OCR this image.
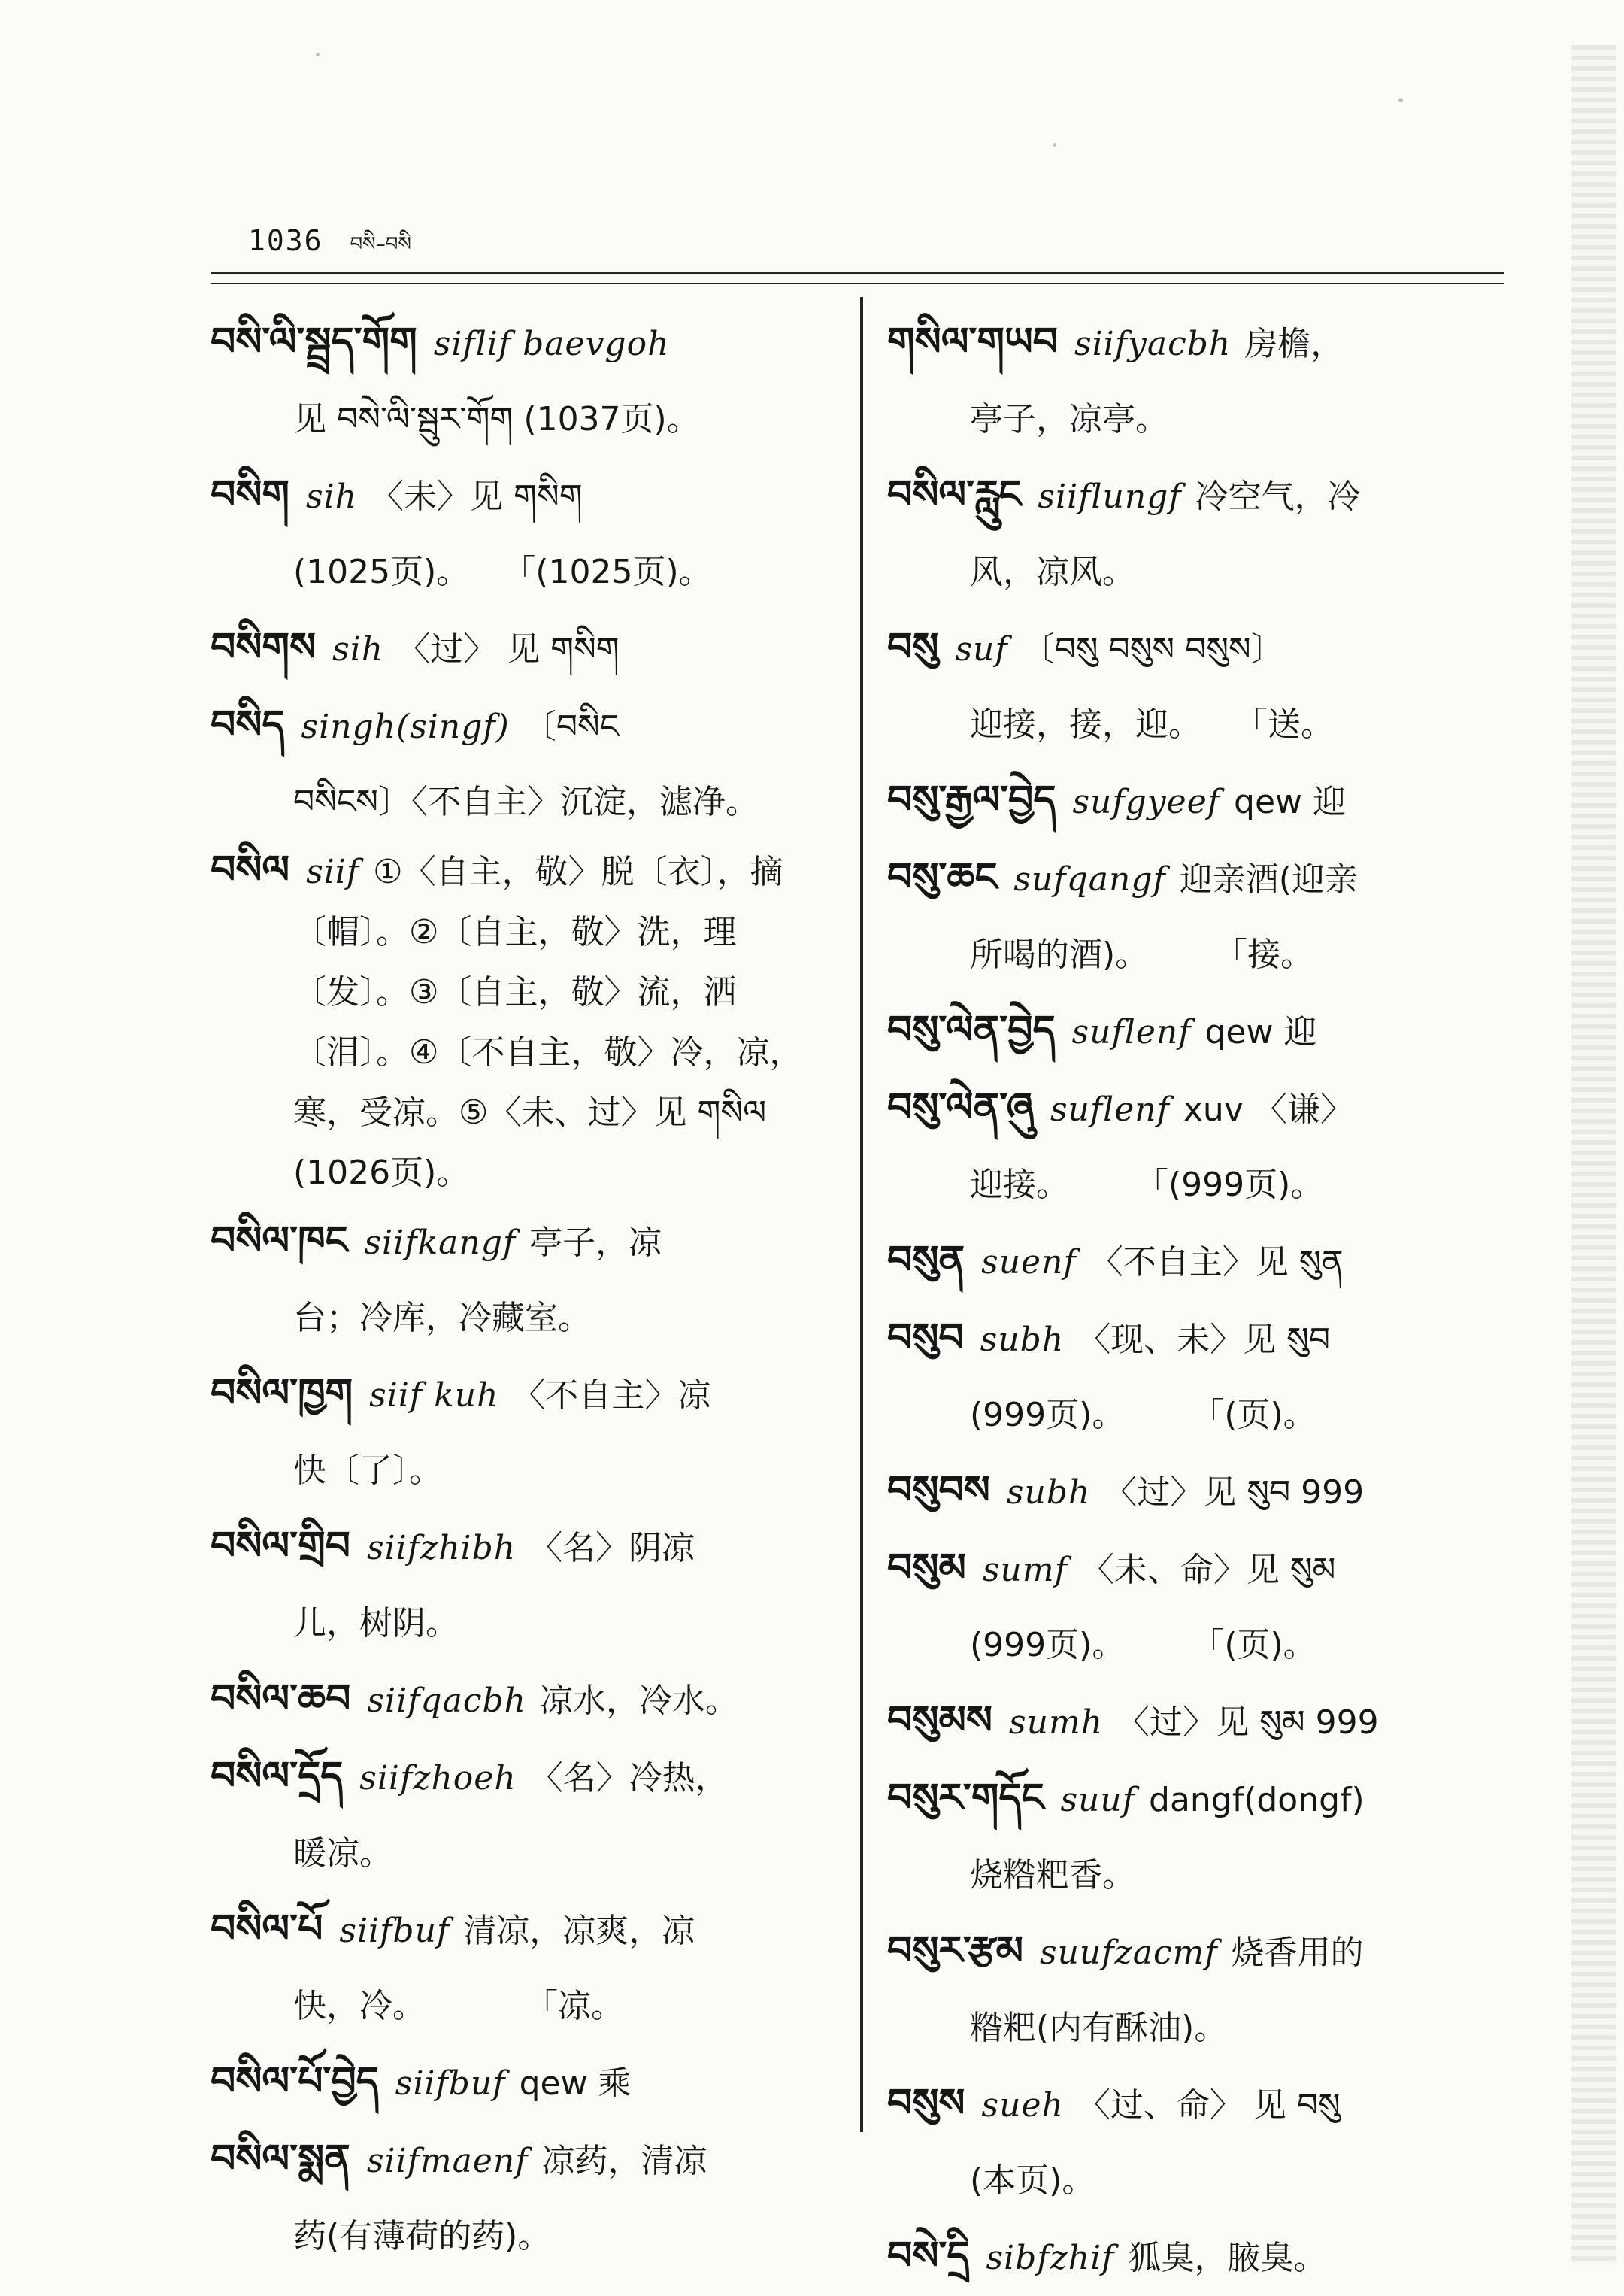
1036 བསི–བསི
བསི་ལི་སྦྲད་གོག siflif baevgoh
见 བསེ་ལི་སྦུར་གོག (1037页)。
བསིག sih 〈未〉见 གསིག
(1025页)。　　「(1025页)。
བསིགས sih 〈过〉 见 གསིག
བསིད singh(singf) 〔བསིང
བསིངས〕〈不自主〉沉淀，滤净。
བསིལ siif ①〈自主，敬〉脱〔衣〕，摘
〔帽〕。②〔自主，敬〉洗，理〔发〕。③〔自主，敬〉流，洒〔泪〕。④〔不自主，敬〉冷，凉，寒，受凉。⑤〈未、过〉见 གསིལ (1026页)。
བསིལ་ཁང siifkangf 亭子，凉
台；冷库，冷藏室。
བསིལ་ཁྱག siif kuh 〈不自主〉凉
快〔了〕。
བསིལ་གྲིབ siifzhibh 〈名〉阴凉
儿，树阴。
བསིལ་ཆབ siifqacbh 凉水，冷水。
བསིལ་དྲོད siifzhoeh 〈名〉冷热，
暖凉。
བསིལ་པོ siifbuf 清凉，凉爽，凉
快，冷。　　　　「凉。
བསིལ་པོ་བྱེད siifbuf qew 乘
བསིལ་སྨན siifmaenf 凉药，清凉
药(有薄荷的药)。
གསིལ་གཡབ siifyacbh 房檐，
亭子，凉亭。
བསིལ་རླུང siiflungf 冷空气，冷
风，凉风。
བསུ suf 〔བསུ བསུས བསུས〕
迎接，接，迎。　　「送。
བསུ་རྒྱལ་བྱེད sufgyeef qew 迎
བསུ་ཆང sufqangf 迎亲酒(迎亲
所喝的酒)。　　　「接。
བསུ་ལེན་བྱེད suflenf qew 迎
བསུ་ལེན་ཞུ suflenf xuv 〈谦〉
迎接。　　　「(999页)。
བསུན suenf 〈不自主〉见 སུན
བསུབ subh 〈现、未〉见 སུབ
(999页)。　　　「(页)。
བསུབས subh 〈过〉见 སུབ 999
བསུམ sumf 〈未、命〉见 སུམ
(999页)。　　　「(页)。
བསུམས sumh 〈过〉见 སུམ 999
བསུར་གདོང suuf dangf(dongf)
烧糌粑香。
བསུར་རྩམ suufzacmf 烧香用的
糌粑(内有酥油)。
བསུས sueh 〈过、命〉 见 བསུ
(本页)。
བསེ་དྲི sibfzhif 狐臭，腋臭。
